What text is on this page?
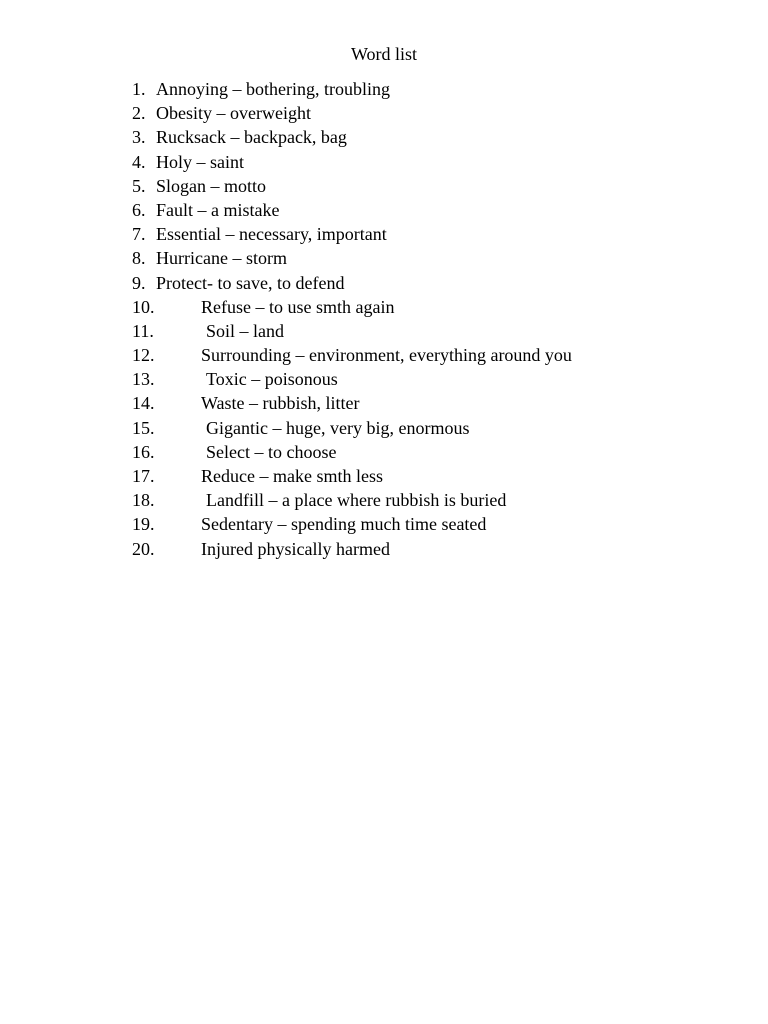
Word list
1. Annoying – bothering, troubling
2. Obesity – overweight
3. Rucksack – backpack, bag
4. Holy – saint
5. Slogan – motto
6. Fault – a mistake
7. Essential – necessary, important
8. Hurricane – storm
9. Protect- to save, to defend
10.	Refuse – to use smth again
11.	Soil – land
12.	Surrounding – environment, everything around you
13.	Toxic – poisonous
14.	Waste – rubbish, litter
15.	Gigantic – huge, very big, enormous
16.	Select – to choose
17.	Reduce – make smth less
18.	Landfill – a place where rubbish is buried
19.	Sedentary – spending much time seated
20.	Injured physically harmed
